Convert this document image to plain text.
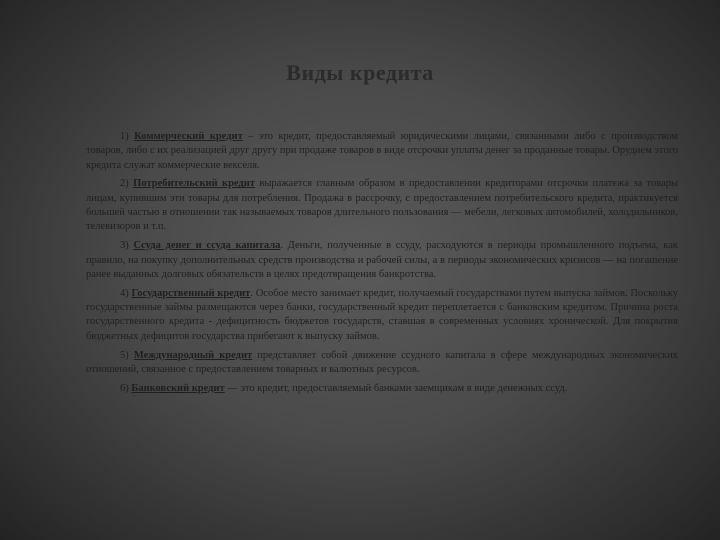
Виды кредита

1) Коммерческий кредит – это кредит, предоставляемый юридическими лицами, связанными либо с производством товаров, либо с их реализацией друг другу при продаже товаров в виде отсрочки уплаты денег за проданные товары. Орудием этого кредита служат коммерческие векселя.

2) Потребительский кредит выражается главным образом в предоставлении кредиторами отсрочки платежа за товары лицам, купившим эти товары для потребления. Продажа в рассрочку, с предоставлением потребительского кредита, практикуется большей частью в отношении так называемых товаров длительного пользования — мебели, легковых автомобилей, холодильников, телевизоров и т.п.

3) Ссуда денег и ссуда капитала. Деньги, полученные в ссуду, расходуются в периоды промышленного подъема, как правило, на покупку дополнительных средств производства и рабочей силы, а в периоды экономических кризисов — на погашение ранее выданных долговых обязательств в целях предотвращения банкротства.

4) Государственный кредит. Особое место занимает кредит, получаемый государствами путем выпуска займов. Поскольку государственные займы размещаются через банки, государственный кредит переплетается с банковским кредитом. Причина роста государственного кредита - дефицитность бюджетов государств, ставшая в современных условиях хронической. Для покрытия бюджетных дефицитов государства прибегают к выпуску займов.

5) Международный кредит представляет собой движение ссудного капитала в сфере международных экономических отношений, связанное с предоставлением товарных и валютных ресурсов.

6) Банковский кредит — это кредит, предоставляемый банками заемщикам в виде денежных ссуд.
